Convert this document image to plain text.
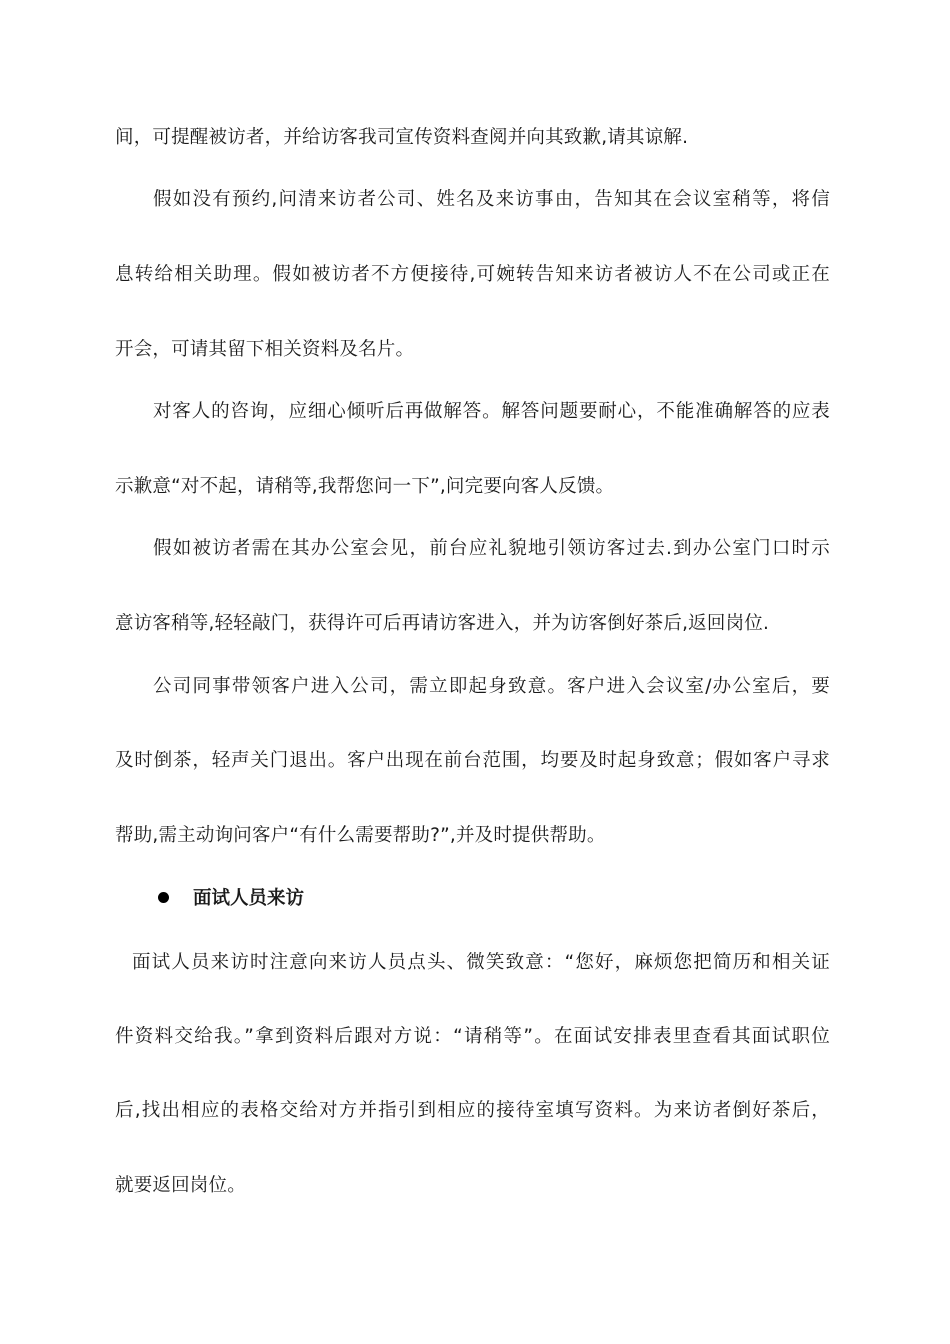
间，可提醒被访者，并给访客我司宣传资料查阅并向其致歉,请其谅解.
假如没有预约,问清来访者公司、姓名及来访事由，告知其在会议室稍等，将信
息转给相关助理。假如被访者不方便接待,可婉转告知来访者被访人不在公司或正在
开会，可请其留下相关资料及名片。
对客人的咨询，应细心倾听后再做解答。解答问题要耐心，不能准确解答的应表
示歉意“对不起，请稍等,我帮您问一下”,问完要向客人反馈。
假如被访者需在其办公室会见，前台应礼貌地引领访客过去.到办公室门口时示
意访客稍等,轻轻敲门，获得许可后再请访客进入，并为访客倒好茶后,返回岗位.
公司同事带领客户进入公司，需立即起身致意。客户进入会议室/办公室后，要
及时倒茶，轻声关门退出。客户出现在前台范围，均要及时起身致意；假如客户寻求
帮助,需主动询问客户“有什么需要帮助?”,并及时提供帮助。
面试人员来访
面试人员来访时注意向来访人员点头、微笑致意：“您好，麻烦您把简历和相关证
件资料交给我。”拿到资料后跟对方说：“请稍等”。在面试安排表里查看其面试职位
后,找出相应的表格交给对方并指引到相应的接待室填写资料。为来访者倒好茶后，
就要返回岗位。
